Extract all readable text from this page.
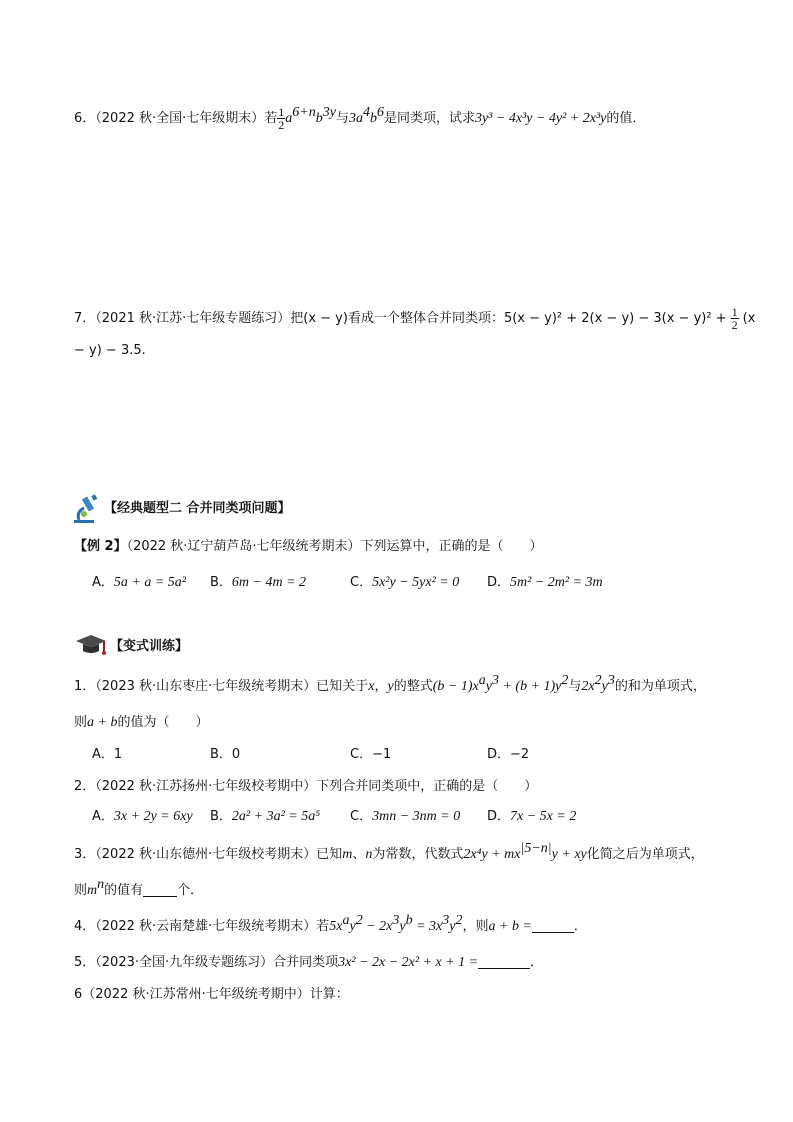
6．（2022 秋·全国·七年级期末）若 $\frac{1}{2} a^{6+n}b^{3y}$与$3a^4b^6$是同类项，试求3y³ − 4x³y − 4y² + 2x³y的值．
7．（2021 秋·江苏·七年级专题练习）把(x − y)看成一个整体合并同类项：$5(x - y)^2 + 2(x - y) - 3(x - y)^2 + \frac{1}{2} (x$
− y) − 3.5.
【经典题型二 合并同类项问题】
【例 2】（2022 秋·辽宁葫芦岛·七年级统考期末）下列运算中，正确的是（　　）
A．5a + a = 5a² B．6m − 4m = 2	C．5x²y − 5yx² = 0 D．5m² − 2m² = 3m
【变式训练】
1．（2023 秋·山东枣庄·七年级统考期末）已知关于x，y的整式$(b - 1)x^ay^3 + (b + 1)y^2$与$2x^2y^3$的和为单项式，
则a + b的值为（　　）
A．1	B．0	C．−1	D．−2
2．（2022 秋·江苏扬州·七年级校考期中）下列合并同类项中，正确的是（　　）
A．3x + 2y = 6xy B．2a² + 3a² = 5a⁵ C．3mn − 3nm = 0 D．7x − 5x = 2
3．（2022 秋·山东德州·七年级校考期末）已知m、n为常数，代数式$2x^4y + mx^{|5-n|}y$ + xy化简之后为单项式，
则$m^n$的值有	个．
4．（2022 秋·云南楚雄·七年级统考期末）若$5x^ay^2 - 2x^3y^b = 3x^3y^2$，则a + b =	．
5．（2023·全国·九年级专题练习）合并同类项3x² − 2x − 2x² + x + 1 =	．
6（2022 秋·江苏常州·七年级统考期中）计算：
